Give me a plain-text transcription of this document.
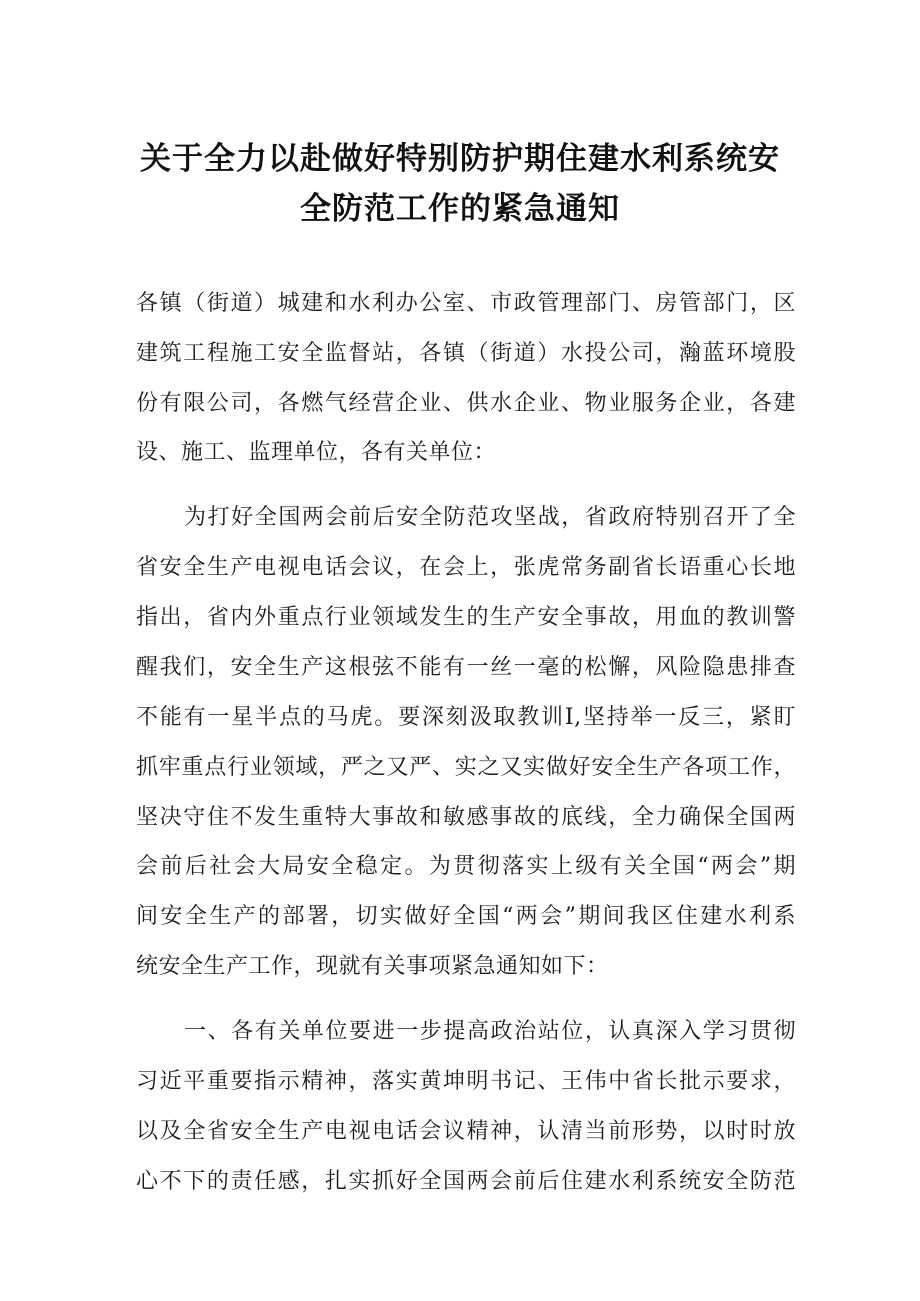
关于全力以赴做好特别防护期住建水利系统安
全防范工作的紧急通知
各镇（街道）城建和水利办公室、市政管理部门、房管部门，区
建筑工程施工安全监督站，各镇（街道）水投公司，瀚蓝环境股
份有限公司，各燃气经营企业、供水企业、物业服务企业，各建
设、施工、监理单位，各有关单位：
为打好全国两会前后安全防范攻坚战，省政府特别召开了全
省安全生产电视电话会议，在会上，张虎常务副省长语重心长地
指出，省内外重点行业领域发生的生产安全事故，用血的教训警
醒我们，安全生产这根弦不能有一丝一毫的松懈，风险隐患排查
不能有一星半点的马虎。要深刻汲取教训I,坚持举一反三，紧盯
抓牢重点行业领域，严之又严、实之又实做好安全生产各项工作，
坚决守住不发生重特大事故和敏感事故的底线，全力确保全国两
会前后社会大局安全稳定。为贯彻落实上级有关全国“两会”期
间安全生产的部署，切实做好全国“两会”期间我区住建水利系
统安全生产工作，现就有关事项紧急通知如下：
一、各有关单位要进一步提高政治站位，认真深入学习贯彻
习近平重要指示精神，落实黄坤明书记、王伟中省长批示要求，
以及全省安全生产电视电话会议精神，认清当前形势，以时时放
心不下的责任感，扎实抓好全国两会前后住建水利系统安全防范
